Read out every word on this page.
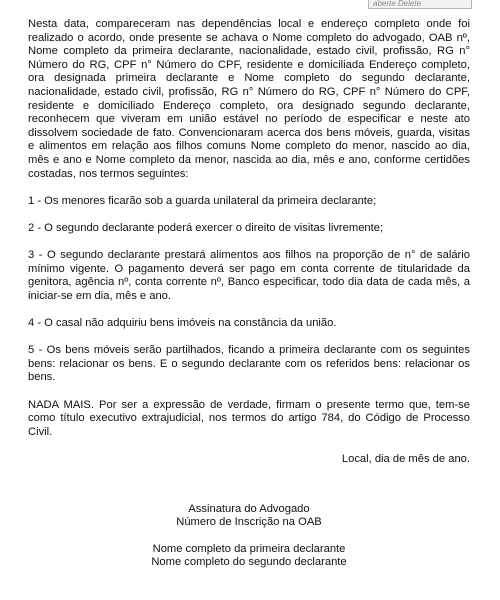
aberte Delete

Nesta data, compareceram nas dependências local e endereço completo onde foi realizado o acordo, onde presente se achava o Nome completo do advogado, OAB nº, Nome completo da primeira declarante, nacionalidade, estado civil, profissão, RG n° Número do RG, CPF n° Número do CPF, residente e domiciliada Endereço completo, ora designada primeira declarante e Nome completo do segundo declarante, nacionalidade, estado civil, profissão, RG n° Número do RG, CPF n° Número do CPF, residente e domiciliado Endereço completo, ora designado segundo declarante, reconhecem que viveram em união estável no período de especificar e neste ato dissolvem sociedade de fato. Convencionaram acerca dos bens móveis, guarda, visitas e alimentos em relação aos filhos comuns Nome completo do menor, nascido ao dia, mês e ano e Nome completo da menor, nascida ao dia, mês e ano, conforme certidões costadas, nos termos seguintes:

1 - Os menores ficarão sob a guarda unilateral da primeira declarante;

2 - O segundo declarante poderá exercer o direito de visitas livremente;

3 - O segundo declarante prestará alimentos aos filhos na proporção de n° de salário mínimo vigente. O pagamento deverá ser pago em conta corrente de titularidade da genitora, agência nº, conta corrente nº, Banco especificar, todo dia data de cada mês, a iniciar-se em dia, mês e ano.

4 - O casal não adquiriu bens imóveis na constância da união.

5 - Os bens móveis serão partilhados, ficando a primeira declarante com os seguintes bens: relacionar os bens. E o segundo declarante com os referidos bens: relacionar os bens.

NADA MAIS. Por ser a expressão de verdade, firmam o presente termo que, tem-se como título executivo extrajudicial, nos termos do artigo 784, do Código de Processo Civil.

Local, dia de mês de ano.

Assinatura do Advogado
Número de Inscrição na OAB
Nome completo da primeira declarante
Nome completo do segundo declarante
